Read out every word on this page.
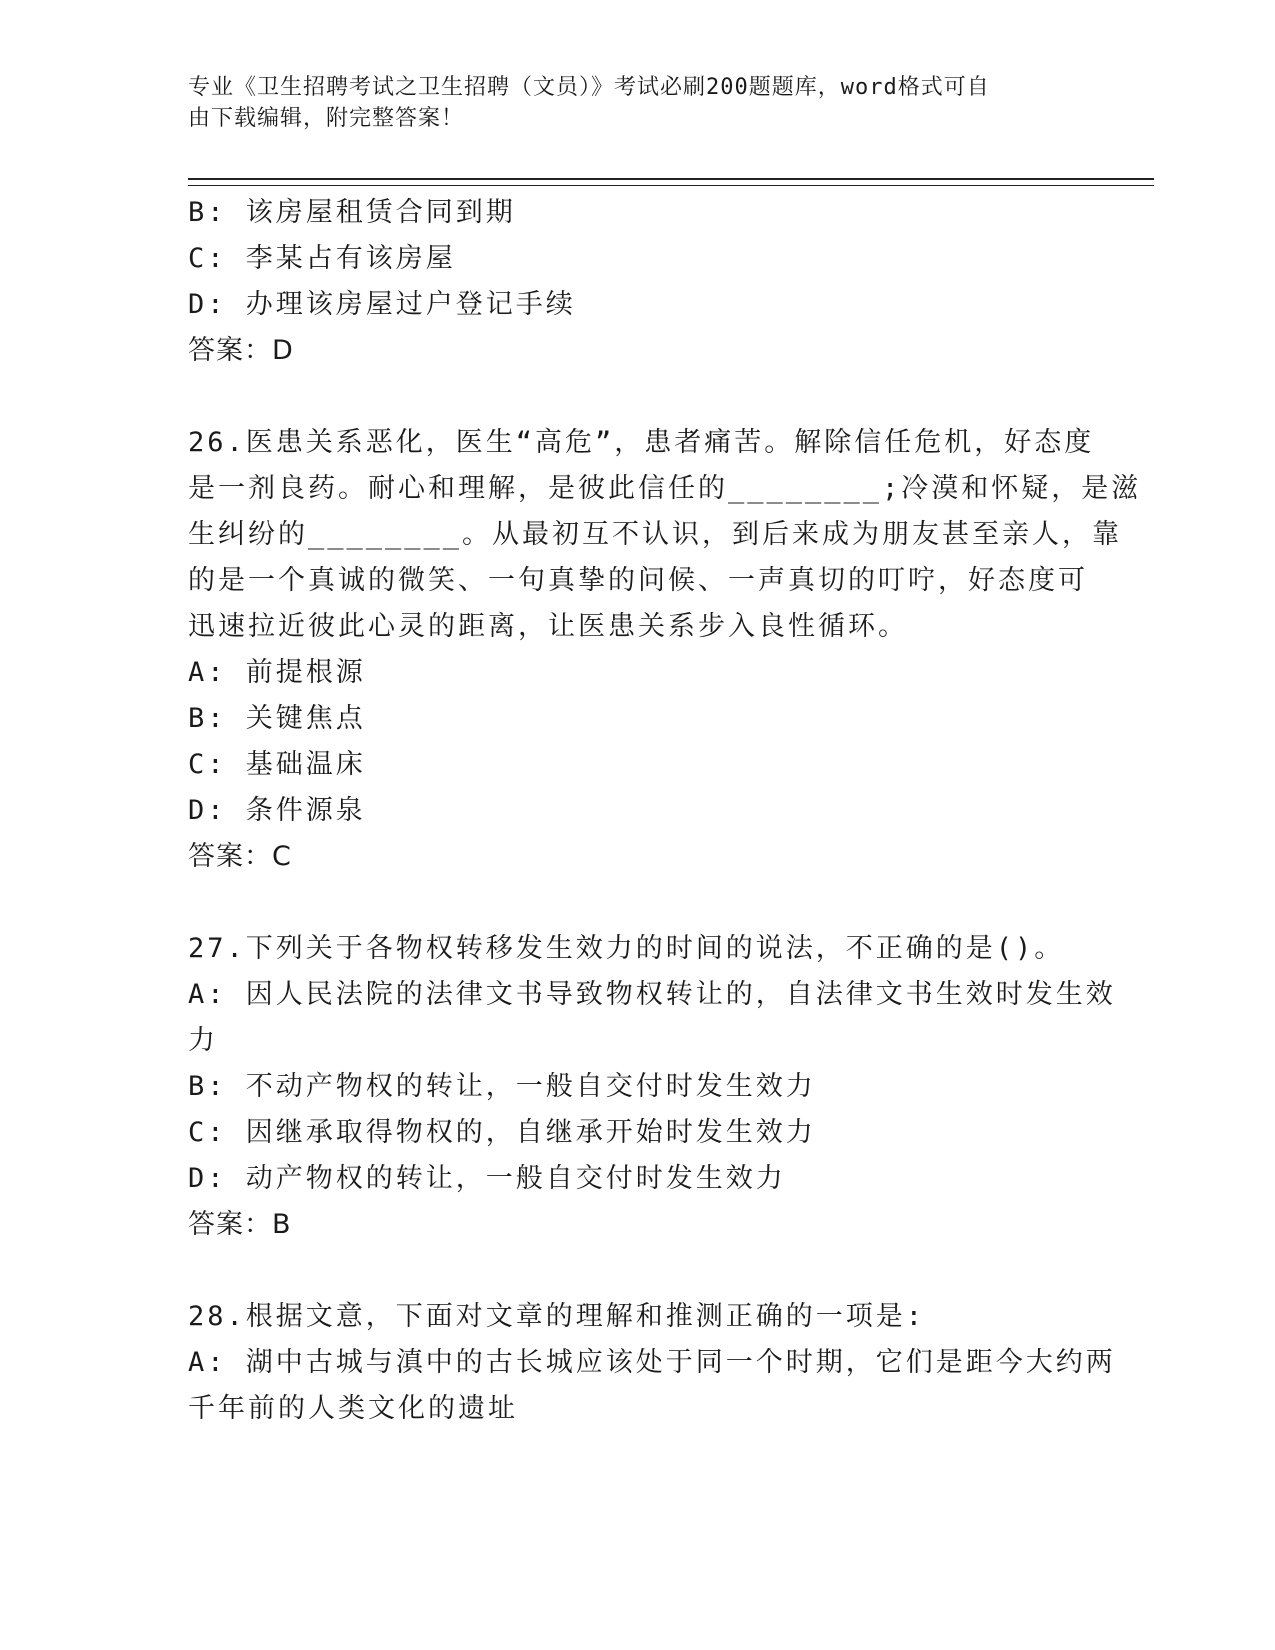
专业《卫生招聘考试之卫生招聘（文员）》考试必刷200题题库，word格式可自
由下载编辑，附完整答案！
B: 该房屋租赁合同到期
C: 李某占有该房屋
D: 办理该房屋过户登记手续
答案：D
26.医患关系恶化，医生“高危”，患者痛苦。解除信任危机，好态度
是一剂良药。耐心和理解，是彼此信任的________;冷漠和怀疑，是滋
生纠纷的________。从最初互不认识，到后来成为朋友甚至亲人，靠
的是一个真诚的微笑、一句真挚的问候、一声真切的叮咛，好态度可
迅速拉近彼此心灵的距离，让医患关系步入良性循环。
A: 前提根源
B: 关键焦点
C: 基础温床
D: 条件源泉
答案：C
27.下列关于各物权转移发生效力的时间的说法，不正确的是()。
A: 因人民法院的法律文书导致物权转让的，自法律文书生效时发生效
力
B: 不动产物权的转让，一般自交付时发生效力
C: 因继承取得物权的，自继承开始时发生效力
D: 动产物权的转让，一般自交付时发生效力
答案：B
28.根据文意，下面对文章的理解和推测正确的一项是:
A: 湖中古城与滇中的古长城应该处于同一个时期，它们是距今大约两
千年前的人类文化的遗址
